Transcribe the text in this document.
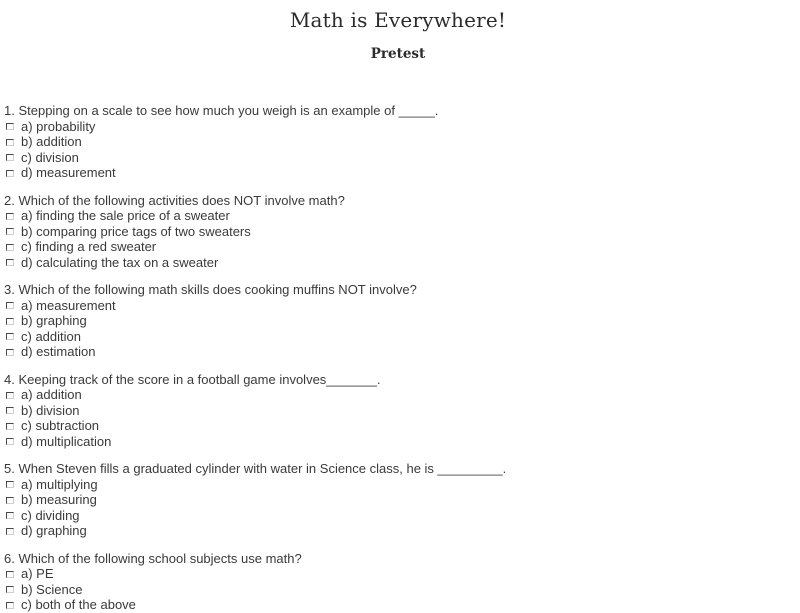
Math is Everywhere!
Pretest
1. Stepping on a scale to see how much you weigh is an example of _____.
a) probability
b) addition
c) division
d) measurement
2. Which of the following activities does NOT involve math?
a) finding the sale price of a sweater
b) comparing price tags of two sweaters
c) finding a red sweater
d) calculating the tax on a sweater
3. Which of the following math skills does cooking muffins NOT involve?
a) measurement
b) graphing
c) addition
d) estimation
4. Keeping track of the score in a football game involves_______.
a) addition
b) division
c) subtraction
d) multiplication
5. When Steven fills a graduated cylinder with water in Science class, he is _________.
a) multiplying
b) measuring
c) dividing
d) graphing
6. Which of the following school subjects use math?
a) PE
b) Science
c) both of the above
